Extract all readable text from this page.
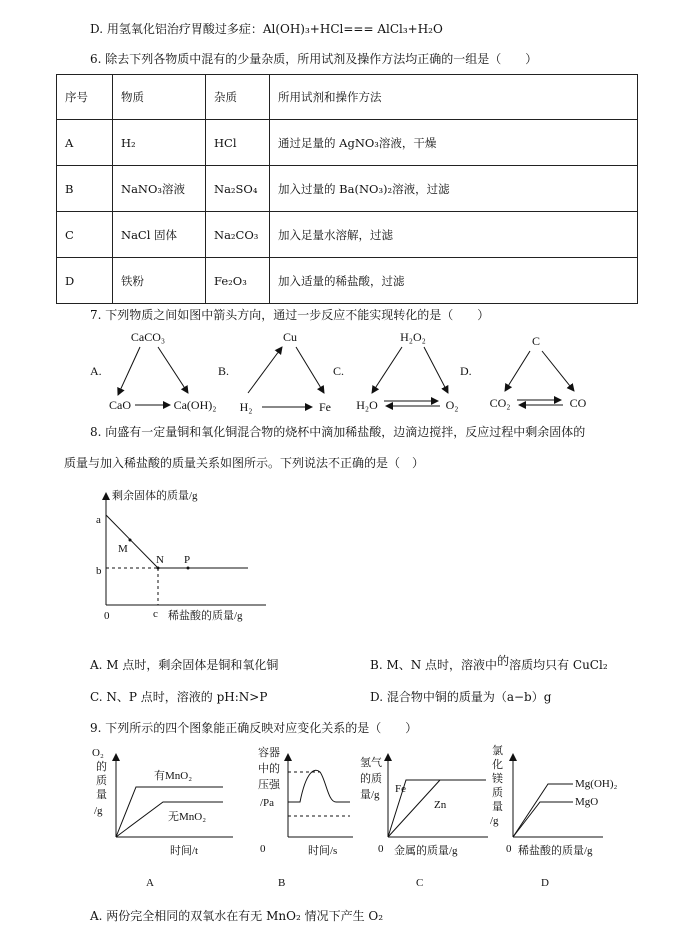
D. 用氢氧化铝治疗胃酸过多症：Al(OH)₃+HCl=== AlCl₃+H₂O
6. 除去下列各物质中混有的少量杂质，所用试剂及操作方法均正确的一组是（　　）
序号	物质	杂质	所用试剂和操作方法
A	H₂	HCl	通过足量的 AgNO₃溶液，干燥
B	NaNO₃溶液	Na₂SO₄	加入过量的 Ba(NO₃)₂溶液，过滤
C	NaCl 固体	Na₂CO₃	加入足量水溶解，过滤
D	铁粉	Fe₂O₃	加入适量的稀盐酸，过滤
7. 下列物质之间如图中箭头方向，通过一步反应不能实现转化的是（　　）
A.
CaCO₃
CaO	Ca(OH)₂
B.
Cu
H₂	Fe
C.
H₂O₂
H₂O	O₂
D.
C
CO₂	CO
8. 向盛有一定量铜和氧化铜混合物的烧杯中滴加稀盐酸，边滴边搅拌，反应过程中剩余固体的
质量与加入稀盐酸的质量关系如图所示。下列说法不正确的是（　）
剩余固体的质量/g
稀盐酸的质量/g
0
a
b
c
M
N P
A. M 点时，剩余固体是铜和氧化铜	B. M、N 点时，溶液中的溶质均只有 CuCl₂
C. N、P 点时，溶液的 pH:N>P	D. 混合物中铜的质量为（a−b）g
9. 下列所示的四个图象能正确反映对应变化关系的是（　　）
O₂
的
质
量
/g
有MnO₂
无MnO₂
时间/t
A
容器
中的
压强
/Pa
0	时间/s
B
氢气
的质
量/g Fe
Zn
0 金属的质量/g
C
氯
化
镁
质
量
/g
Mg(OH)₂
MgO
0 稀盐酸的质量/g
D
A. 两份完全相同的双氧水在有无 MnO₂ 情况下产生 O₂
